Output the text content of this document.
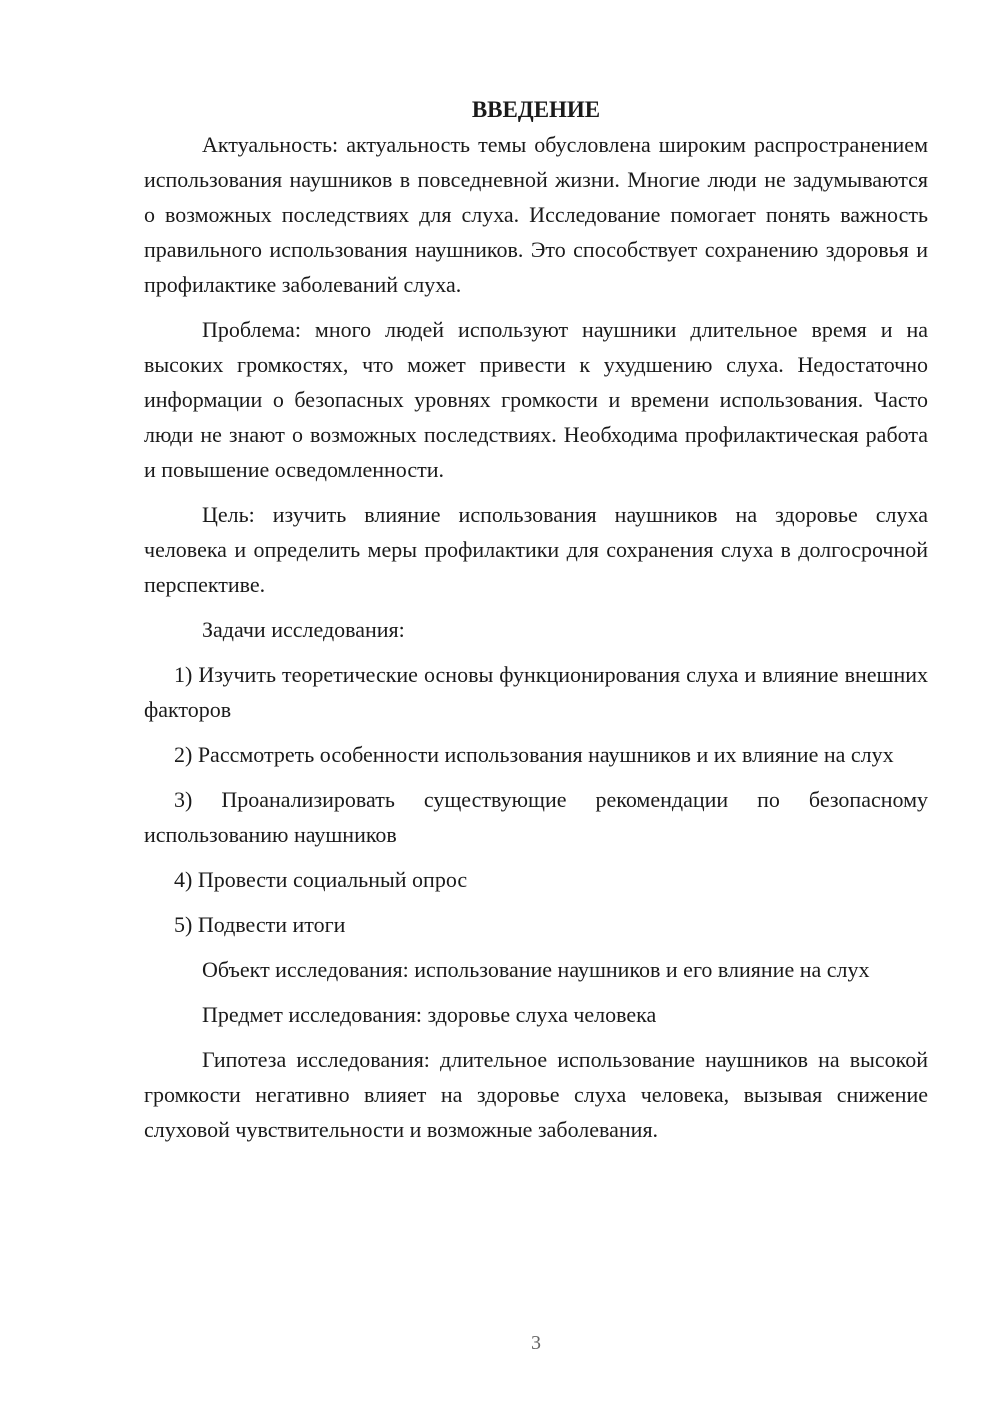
ВВЕДЕНИЕ

Актуальность: актуальность темы обусловлена широким распространением использования наушников в повседневной жизни. Многие люди не задумываются о возможных последствиях для слуха. Исследование помогает понять важность правильного использования наушников. Это способствует сохранению здоровья и профилактике заболеваний слуха.

Проблема: много людей используют наушники длительное время и на высоких громкостях, что может привести к ухудшению слуха. Недостаточно информации о безопасных уровнях громкости и времени использования. Часто люди не знают о возможных последствиях. Необходима профилактическая работа и повышение осведомленности.

Цель: изучить влияние использования наушников на здоровье слуха человека и определить меры профилактики для сохранения слуха в долгосрочной перспективе.

Задачи исследования:

1) Изучить теоретические основы функционирования слуха и влияние внешних факторов

2) Рассмотреть особенности использования наушников и их влияние на слух

3) Проанализировать существующие рекомендации по безопасному использованию наушников

4) Провести социальный опрос

5) Подвести итоги

Объект исследования: использование наушников и его влияние на слух

Предмет исследования: здоровье слуха человека

Гипотеза исследования: длительное использование наушников на высокой громкости негативно влияет на здоровье слуха человека, вызывая снижение слуховой чувствительности и возможные заболевания.

3
